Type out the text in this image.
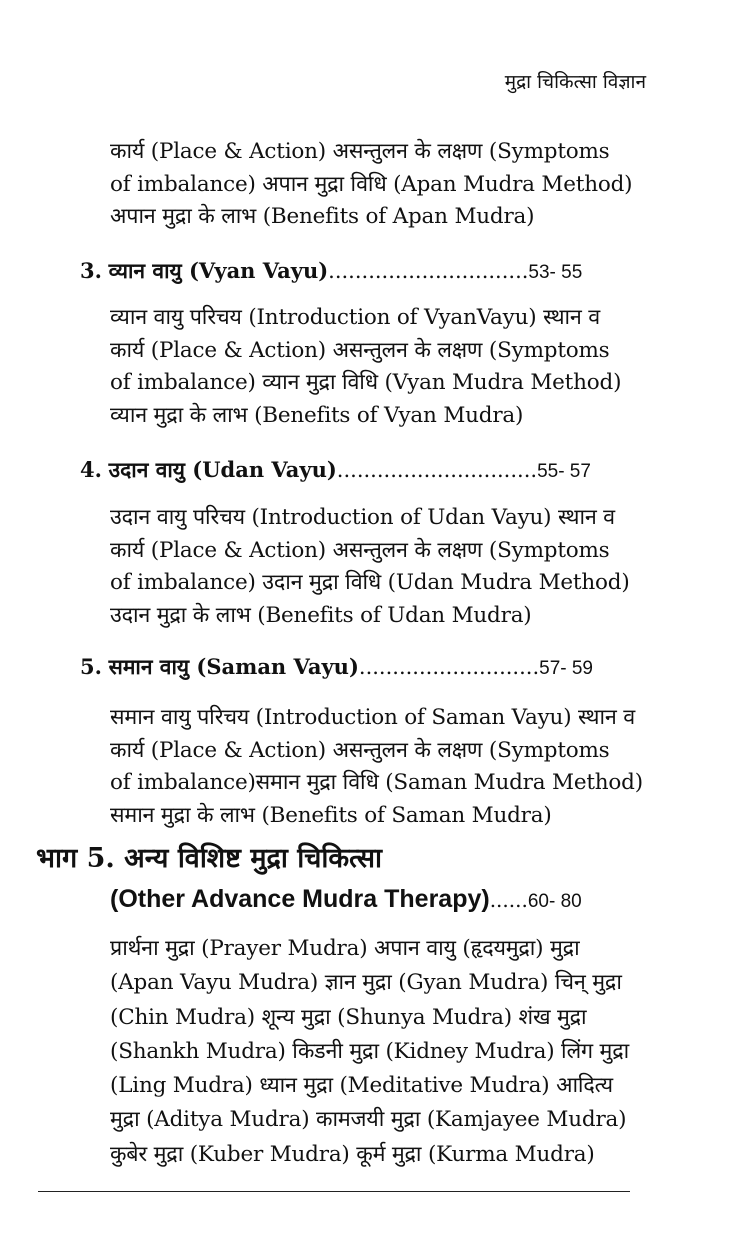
मुद्रा चिकित्सा विज्ञान
कार्य (Place & Action) असन्तुलन के लक्षण (Symptoms
of imbalance) अपान मुद्रा विधि (Apan Mudra Method)
अपान मुद्रा के लाभ (Benefits of Apan Mudra)
3. व्यान वायु (Vyan Vayu)..............................53- 55
व्यान वायु परिचय (Introduction of VyanVayu) स्थान व
कार्य (Place & Action) असन्तुलन के लक्षण (Symptoms
of imbalance) व्यान मुद्रा विधि (Vyan Mudra Method)
व्यान मुद्रा के लाभ (Benefits of Vyan Mudra)
4. उदान वायु (Udan Vayu)..............................55- 57
उदान वायु परिचय (Introduction of Udan Vayu) स्थान व
कार्य (Place & Action) असन्तुलन के लक्षण (Symptoms
of imbalance) उदान मुद्रा विधि (Udan Mudra Method)
उदान मुद्रा के लाभ (Benefits of Udan Mudra)
5. समान वायु (Saman Vayu)...........................57- 59
समान वायु परिचय (Introduction of Saman Vayu) स्थान व
कार्य (Place & Action) असन्तुलन के लक्षण (Symptoms
of imbalance)समान मुद्रा विधि (Saman Mudra Method)
समान मुद्रा के लाभ (Benefits of Saman Mudra)
भाग 5. अन्य विशिष्ट मुद्रा चिकित्सा
(Other Advance Mudra Therapy)......60- 80
प्रार्थना मुद्रा (Prayer Mudra) अपान वायु (हृदयमुद्रा) मुद्रा
(Apan Vayu Mudra) ज्ञान मुद्रा (Gyan Mudra) चिन् मुद्रा
(Chin Mudra) शून्य मुद्रा (Shunya Mudra) शंख मुद्रा
(Shankh Mudra) किडनी मुद्रा (Kidney Mudra) लिंग मुद्रा
(Ling Mudra) ध्यान मुद्रा (Meditative Mudra) आदित्य
मुद्रा (Aditya Mudra) कामजयी मुद्रा (Kamjayee Mudra)
कुबेर मुद्रा (Kuber Mudra) कूर्म मुद्रा (Kurma Mudra)
